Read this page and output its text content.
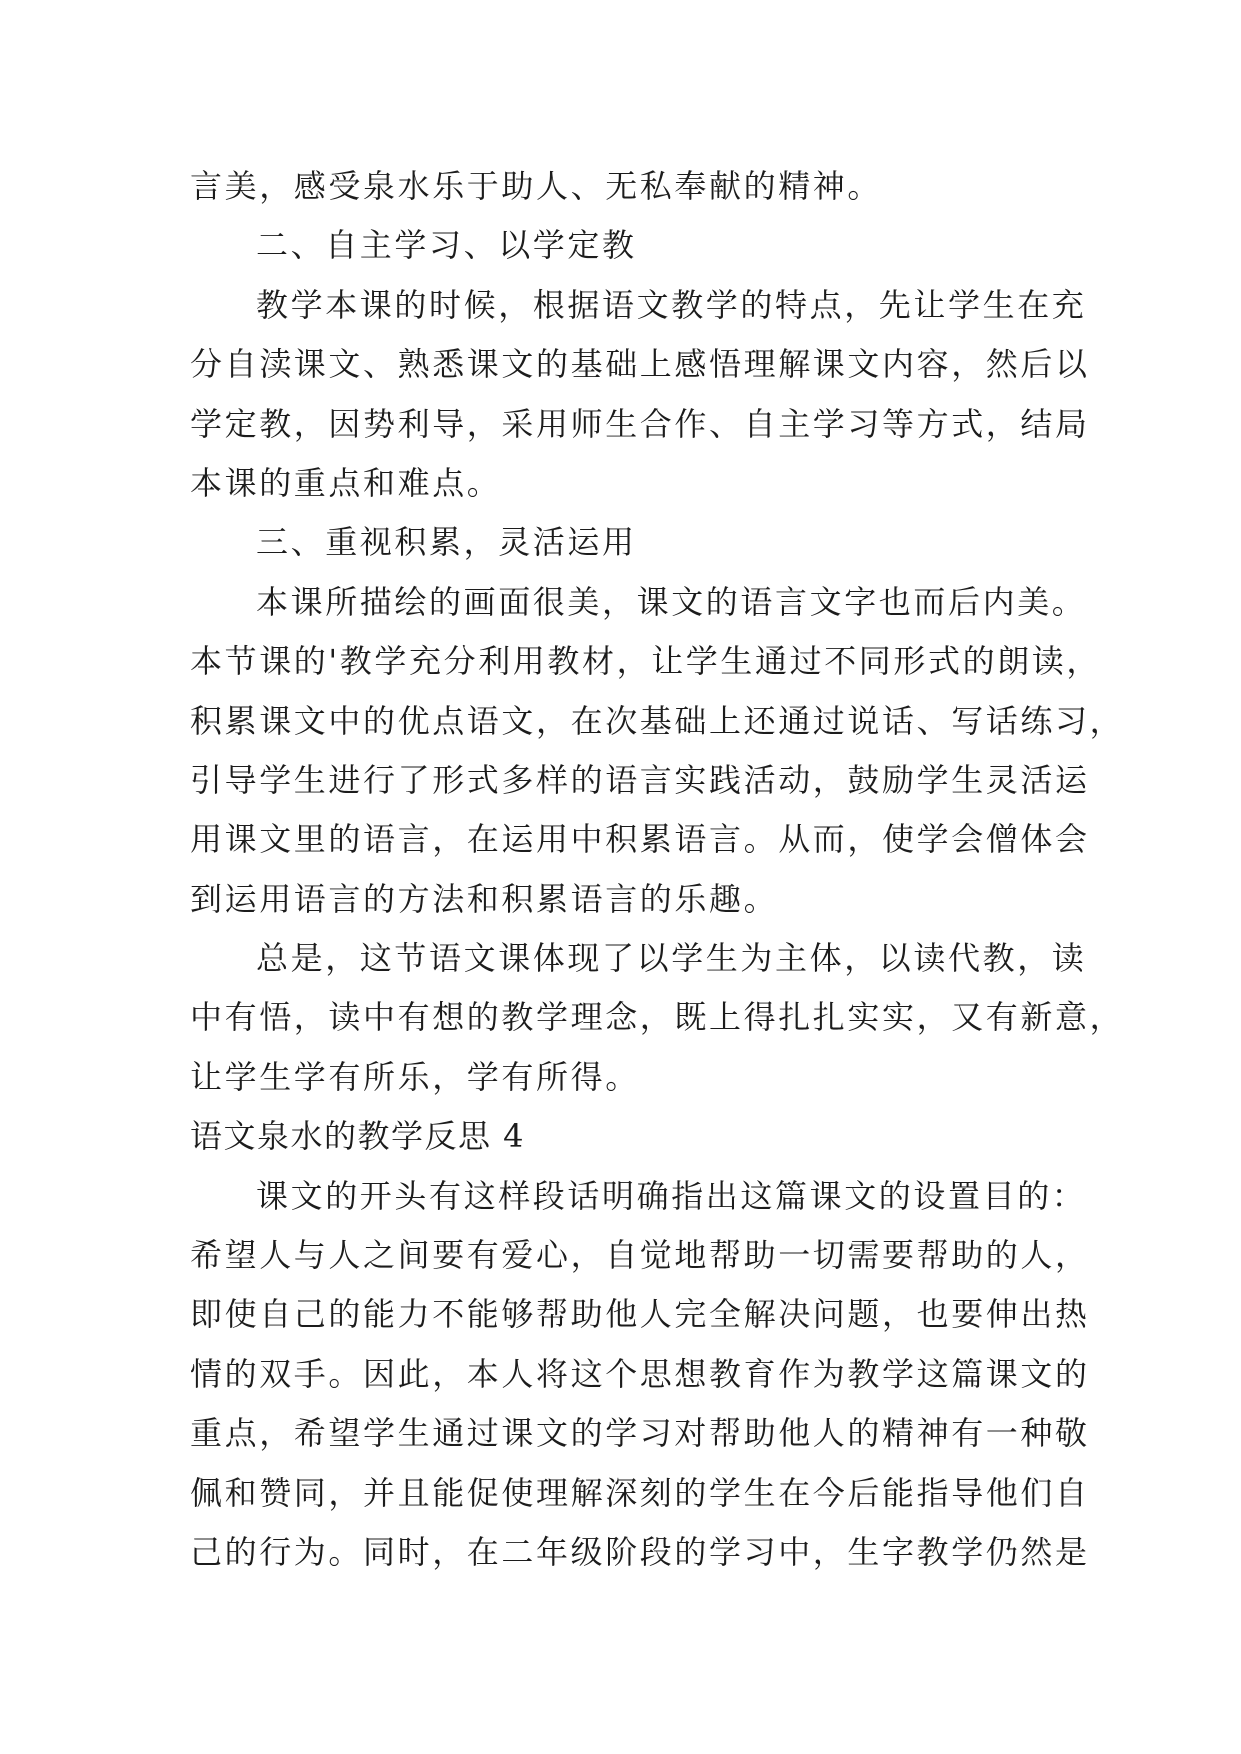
言美，感受泉水乐于助人、无私奉献的精神。
二、自主学习、以学定教
教学本课的时候，根据语文教学的特点，先让学生在充
分自渎课文、熟悉课文的基础上感悟理解课文内容，然后以
学定教，因势利导，采用师生合作、自主学习等方式，结局
本课的重点和难点。
三、重视积累，灵活运用
本课所描绘的画面很美，课文的语言文字也而后内美。
本节课的'教学充分利用教材，让学生通过不同形式的朗读，
积累课文中的优点语文，在次基础上还通过说话、写话练习，
引导学生进行了形式多样的语言实践活动，鼓励学生灵活运
用课文里的语言，在运用中积累语言。从而，使学会僧体会
到运用语言的方法和积累语言的乐趣。
总是，这节语文课体现了以学生为主体，以读代教，读
中有悟，读中有想的教学理念，既上得扎扎实实，又有新意，
让学生学有所乐，学有所得。
语文泉水的教学反思 4
课文的开头有这样段话明确指出这篇课文的设置目的：
希望人与人之间要有爱心，自觉地帮助一切需要帮助的人，
即使自己的能力不能够帮助他人完全解决问题，也要伸出热
情的双手。因此，本人将这个思想教育作为教学这篇课文的
重点，希望学生通过课文的学习对帮助他人的精神有一种敬
佩和赞同，并且能促使理解深刻的学生在今后能指导他们自
己的行为。同时，在二年级阶段的学习中，生字教学仍然是
